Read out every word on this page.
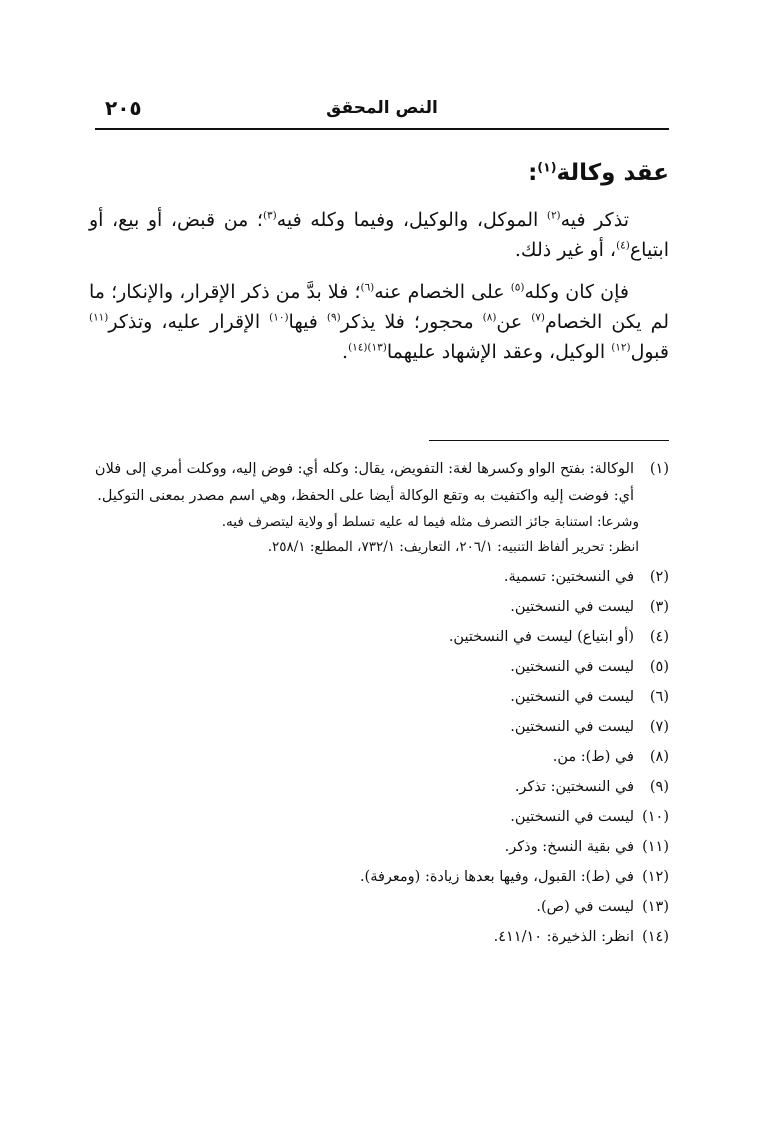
النص المحقق
٢٠٥
عقد وكالة$^{(١)}$:

تذكر فيه$^{(٢)}$ الموكل، والوكيل، وفيما وكله فيه$^{(٣)}$؛ من قبض، أو بيع، أو ابتياع$^{(٤)}$، أو غير ذلك.

فإن كان وكله$^{(٥)}$ على الخصام عنه$^{(٦)}$؛ فلا بدَّ من ذكر الإقرار، والإنكار؛ ما لم يكن الخصام$^{(٧)}$ عن$^{(٨)}$ محجور؛ فلا يذكر$^{(٩)}$ فيها$^{(١٠)}$ الإقرار عليه، وتذكر$^{(١١)}$ قبول$^{(١٢)}$ الوكيل، وعقد الإشهاد عليهما$^{(١٣)(١٤)}$.

(١)
الوكالة: بفتح الواو وكسرها لغة: التفويض، يقال: وكله أي: فوض إليه، ووكلت أمري إلى فلان أي: فوضت إليه واكتفيت به وتقع الوكالة أيضا على الحفظ، وهي اسم مصدر بمعنى التوكيل.
وشرعا: استنابة جائز التصرف مثله فيما له عليه تسلط أو ولاية ليتصرف فيه.
انظر: تحرير ألفاظ التنبيه: ٢٠٦/١، التعاريف: ٧٣٢/١، المطلع: ٢٥٨/١.
(٢)
في النسختين: تسمية.
(٣)
ليست في النسختين.
(٤)
(أو ابتياع) ليست في النسختين.
(٥)
ليست في النسختين.
(٦)
ليست في النسختين.
(٧)
ليست في النسختين.
(٨)
في (ط): من.
(٩)
في النسختين: تذكر.
(١٠)
ليست في النسختين.
(١١)
في بقية النسخ: وذكر.
(١٢)
في (ط): القبول، وفيها بعدها زيادة: (ومعرفة).
(١٣)
ليست في (ص).
(١٤)
انظر: الذخيرة: ٤١١/١٠.
